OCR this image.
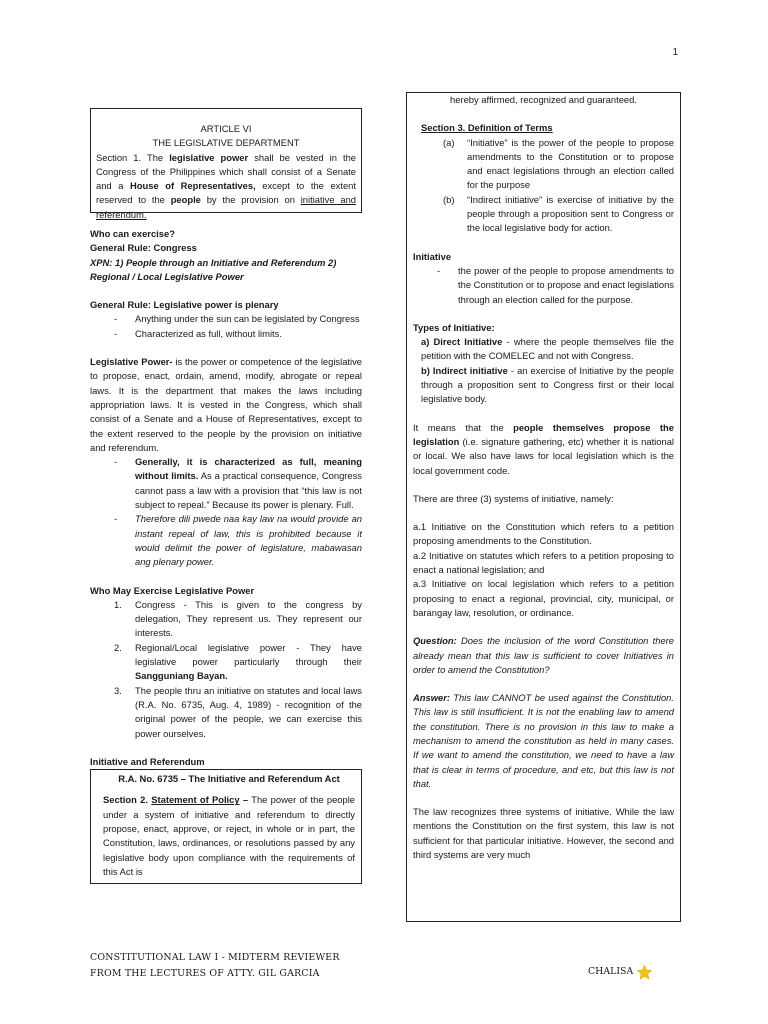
1

ARTICLE VI

THE LEGISLATIVE DEPARTMENT

Section 1. The legislative power shall be vested in the Congress of the Philippines which shall consist of a Senate and a House of Representatives, except to the extent reserved to the people by the provision on initiative and referendum.

Who can exercise?

General Rule: Congress

XPN: 1) People through an Initiative and Referendum 2) Regional / Local Legislative Power

General Rule: Legislative power is plenary

- Anything under the sun can be legislated by Congress
- Characterized as full, without limits.

Legislative Power- is the power or competence of the legislative to propose, enact, ordain, amend, modify, abrogate or repeal laws. It is the department that makes the laws including appropriation laws. It is vested in the Congress, which shall consist of a Senate and a House of Representatives, except to the extent reserved to the people by the provision on initiative and referendum.

- Generally, it is characterized as full, meaning without limits. As a practical consequence, Congress cannot pass a law with a provision that “this law is not subject to repeal.” Because its power is plenary. Full.
- Therefore dili pwede naa kay law na would provide an instant repeal of law, this is prohibited because it would delimit the power of legislature, mabawasan ang plenary power.

Who May Exercise Legislative Power

1. Congress - This is given to the congress by delegation, They represent us. They represent our interests.
2. Regional/Local legislative power - They have legislative power particularly through their Sangguniang Bayan.
3. The people thru an initiative on statutes and local laws (R.A. No. 6735, Aug. 4, 1989) - recognition of the original power of the people, we can exercise this power ourselves.

Initiative and Referendum

R.A. No. 6735 – The Initiative and Referendum Act

Section 2. Statement of Policy – The power of the people under a system of initiative and referendum to directly propose, enact, approve, or reject, in whole or in part, the Constitution, laws, ordinances, or resolutions passed by any legislative body upon compliance with the requirements of this Act is

hereby affirmed, recognized and guaranteed.

Section 3. Definition of Terms

(a) “Initiative” is the power of the people to propose amendments to the Constitution or to propose and enact legislations through an election called for the purpose
(b) “Indirect initiative” is exercise of initiative by the people through a proposition sent to Congress or the local legislative body for action.

Initiative

- the power of the people to propose amendments to the Constitution or to propose and enact legislations through an election called for the purpose.

Types of Initiative:

a) Direct Initiative - where the people themselves file the petition with the COMELEC and not with Congress.

b) Indirect initiative - an exercise of Initiative by the people through a proposition sent to Congress first or their local legislative body.

It means that the people themselves propose the legislation (i.e. signature gathering, etc) whether it is national or local. We also have laws for local legislation which is the local government code.

There are three (3) systems of initiative, namely:

a.1 Initiative on the Constitution which refers to a petition proposing amendments to the Constitution.

a.2 Initiative on statutes which refers to a petition proposing to enact a national legislation; and

a.3 Initiative on local legislation which refers to a petition proposing to enact a regional, provincial, city, municipal, or barangay law, resolution, or ordinance.

Question: Does the inclusion of the word Constitution there already mean that this law is sufficient to cover Initiatives in order to amend the Constitution?

Answer: This law CANNOT be used against the Constitution. This law is still insufficient. It is not the enabling law to amend the constitution. There is no provision in this law to make a mechanism to amend the constitution as held in many cases. If we want to amend the constitution, we need to have a law that is clear in terms of procedure, and etc, but this law is not that.

The law recognizes three systems of initiative. While the law mentions the Constitution on the first system, this law is not sufficient for that particular initiative. However, the second and third systems are very much

CONSTITUTIONAL LAW I - MIDTERM REVIEWER
FROM THE LECTURES OF ATTY. GIL GARCIA	CHALISA
